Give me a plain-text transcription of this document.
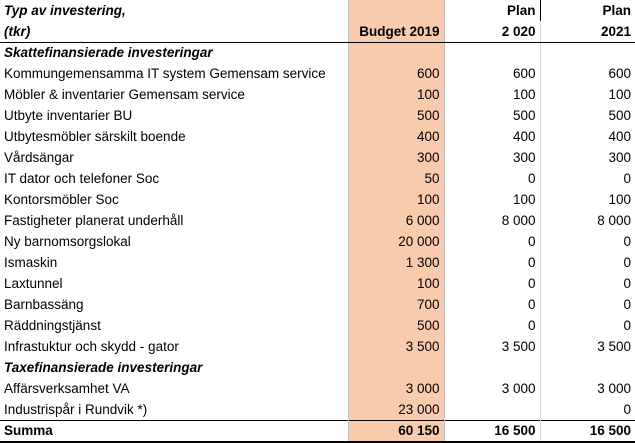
Typ av investering,		Plan	Plan
(tkr)	Budget 2019	2 020	2021
Skattefinansierade investeringar			
Kommungemensamma IT system Gemensam service	600	600	600
Möbler & inventarier Gemensam service	100	100	100
Utbyte inventarier BU	500	500	500
Utbytesmöbler särskilt boende	400	400	400
Vårdsängar	300	300	300
IT dator och telefoner Soc	50	0	0
Kontorsmöbler Soc	100	100	100
Fastigheter planerat underhåll	6 000	8 000	8 000
Ny barnomsorgslokal	20 000	0	0
Ismaskin	1 300	0	0
Laxtunnel	100	0	0
Barnbassäng	700	0	0
Räddningstjänst	500	0	0
Infrastuktur och skydd - gator	3 500	3 500	3 500
Taxefinansierade investeringar			
Affärsverksamhet VA	3 000	3 000	3 000
Industrispår i Rundvik *)	23 000		0
Summa	60 150	16 500	16 500
